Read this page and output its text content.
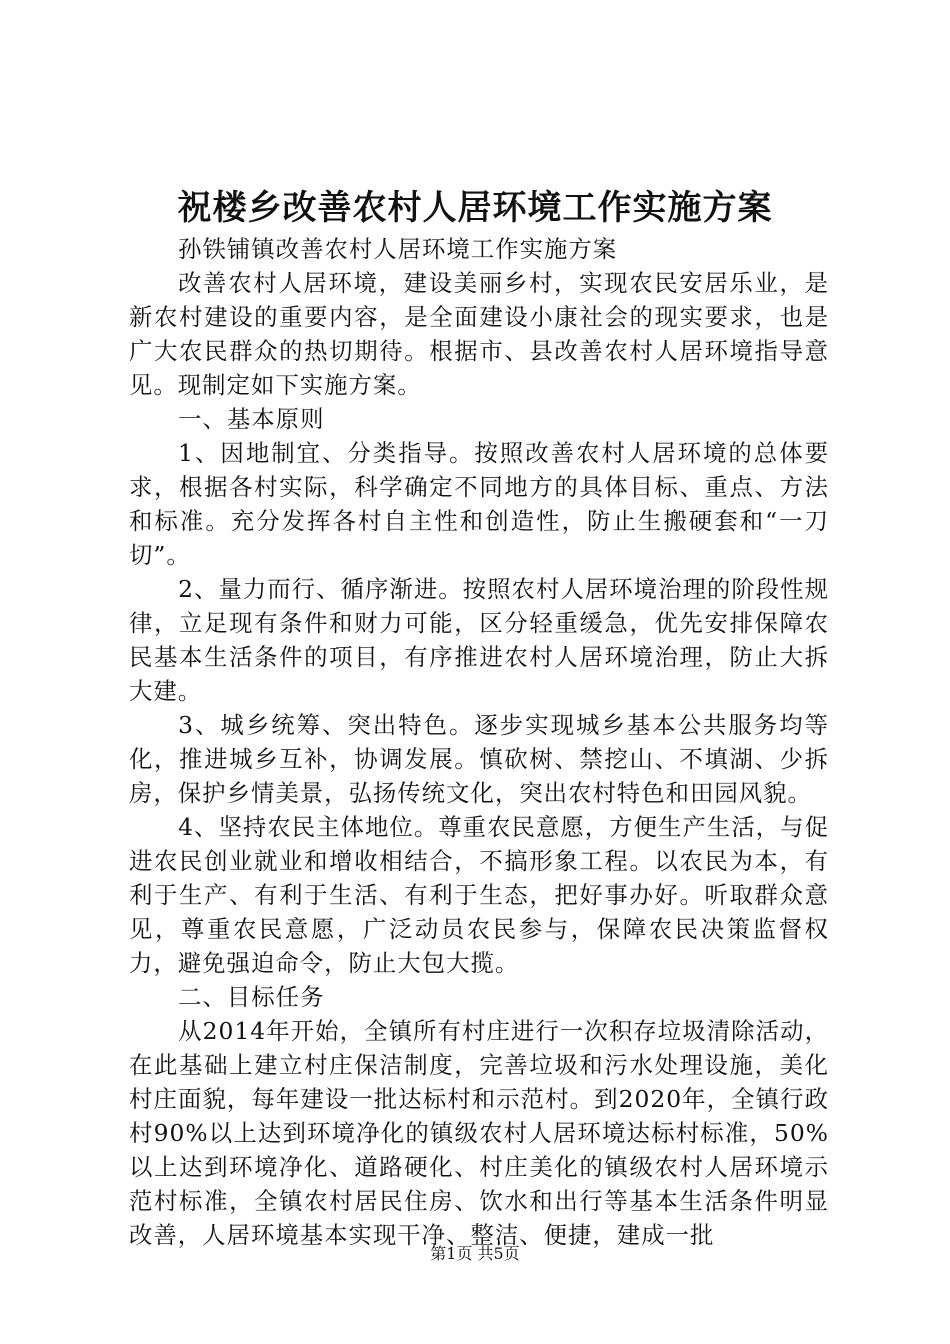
祝楼乡改善农村人居环境工作实施方案

孙铁铺镇改善农村人居环境工作实施方案

改善农村人居环境，建设美丽乡村，实现农民安居乐业，是新农村建设的重要内容，是全面建设小康社会的现实要求，也是广大农民群众的热切期待。根据市、县改善农村人居环境指导意见。现制定如下实施方案。

一、基本原则

1、因地制宜、分类指导。按照改善农村人居环境的总体要求，根据各村实际，科学确定不同地方的具体目标、重点、方法和标准。充分发挥各村自主性和创造性，防止生搬硬套和“一刀切”。

2、量力而行、循序渐进。按照农村人居环境治理的阶段性规律，立足现有条件和财力可能，区分轻重缓急，优先安排保障农民基本生活条件的项目，有序推进农村人居环境治理，防止大拆大建。

3、城乡统筹、突出特色。逐步实现城乡基本公共服务均等化，推进城乡互补，协调发展。慎砍树、禁挖山、不填湖、少拆房，保护乡情美景，弘扬传统文化，突出农村特色和田园风貌。

4、坚持农民主体地位。尊重农民意愿，方便生产生活，与促进农民创业就业和增收相结合，不搞形象工程。以农民为本，有利于生产、有利于生活、有利于生态，把好事办好。听取群众意见，尊重农民意愿，广泛动员农民参与，保障农民决策监督权力，避免强迫命令，防止大包大揽。

二、目标任务

从2014年开始，全镇所有村庄进行一次积存垃圾清除活动，在此基础上建立村庄保洁制度，完善垃圾和污水处理设施，美化村庄面貌，每年建设一批达标村和示范村。到2020年，全镇行政村90%以上达到环境净化的镇级农村人居环境达标村标准，50%以上达到环境净化、道路硬化、村庄美化的镇级农村人居环境示范村标准，全镇农村居民住房、饮水和出行等基本生活条件明显改善，人居环境基本实现干净、整洁、便捷，建成一批

第1页 共5页
